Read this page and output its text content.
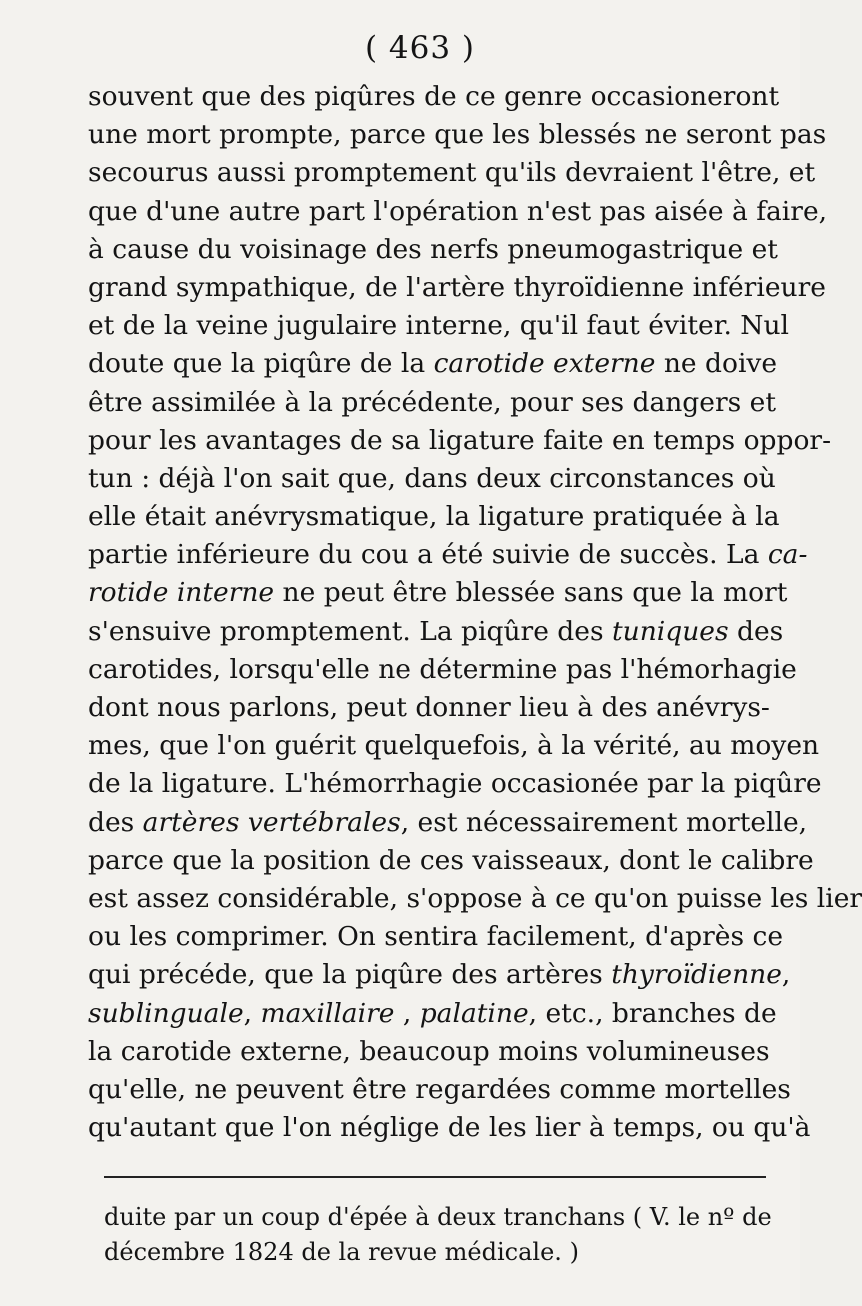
( 463 )
souvent que des piqûres de ce genre occasioneront
une mort prompte, parce que les blessés ne seront pas
secourus aussi promptement qu'ils devraient l'être, et
que d'une autre part l'opération n'est pas aisée à faire,
à cause du voisinage des nerfs pneumogastrique et
grand sympathique, de l'artère thyroïdienne inférieure
et de la veine jugulaire interne, qu'il faut éviter. Nul
doute que la piqûre de la carotide externe ne doive
être assimilée à la précédente, pour ses dangers et
pour les avantages de sa ligature faite en temps oppor-
tun : déjà l'on sait que, dans deux circonstances où
elle était anévrysmatique, la ligature pratiquée à la
partie inférieure du cou a été suivie de succès. La ca-
rotide interne ne peut être blessée sans que la mort
s'ensuive promptement. La piqûre des tuniques des
carotides, lorsqu'elle ne détermine pas l'hémorhagie
dont nous parlons, peut donner lieu à des anévrys-
mes, que l'on guérit quelquefois, à la vérité, au moyen
de la ligature. L'hémorrhagie occasionée par la piqûre
des artères vertébrales, est nécessairement mortelle,
parce que la position de ces vaisseaux, dont le calibre
est assez considérable, s'oppose à ce qu'on puisse les lier
ou les comprimer. On sentira facilement, d'après ce
qui précéde, que la piqûre des artères thyroïdienne,
sublinguale, maxillaire , palatine, etc., branches de
la carotide externe, beaucoup moins volumineuses
qu'elle, ne peuvent être regardées comme mortelles
qu'autant que l'on néglige de les lier à temps, ou qu'à
duite par un coup d'épée à deux tranchans ( V. le nº de
décembre 1824 de la revue médicale. )
